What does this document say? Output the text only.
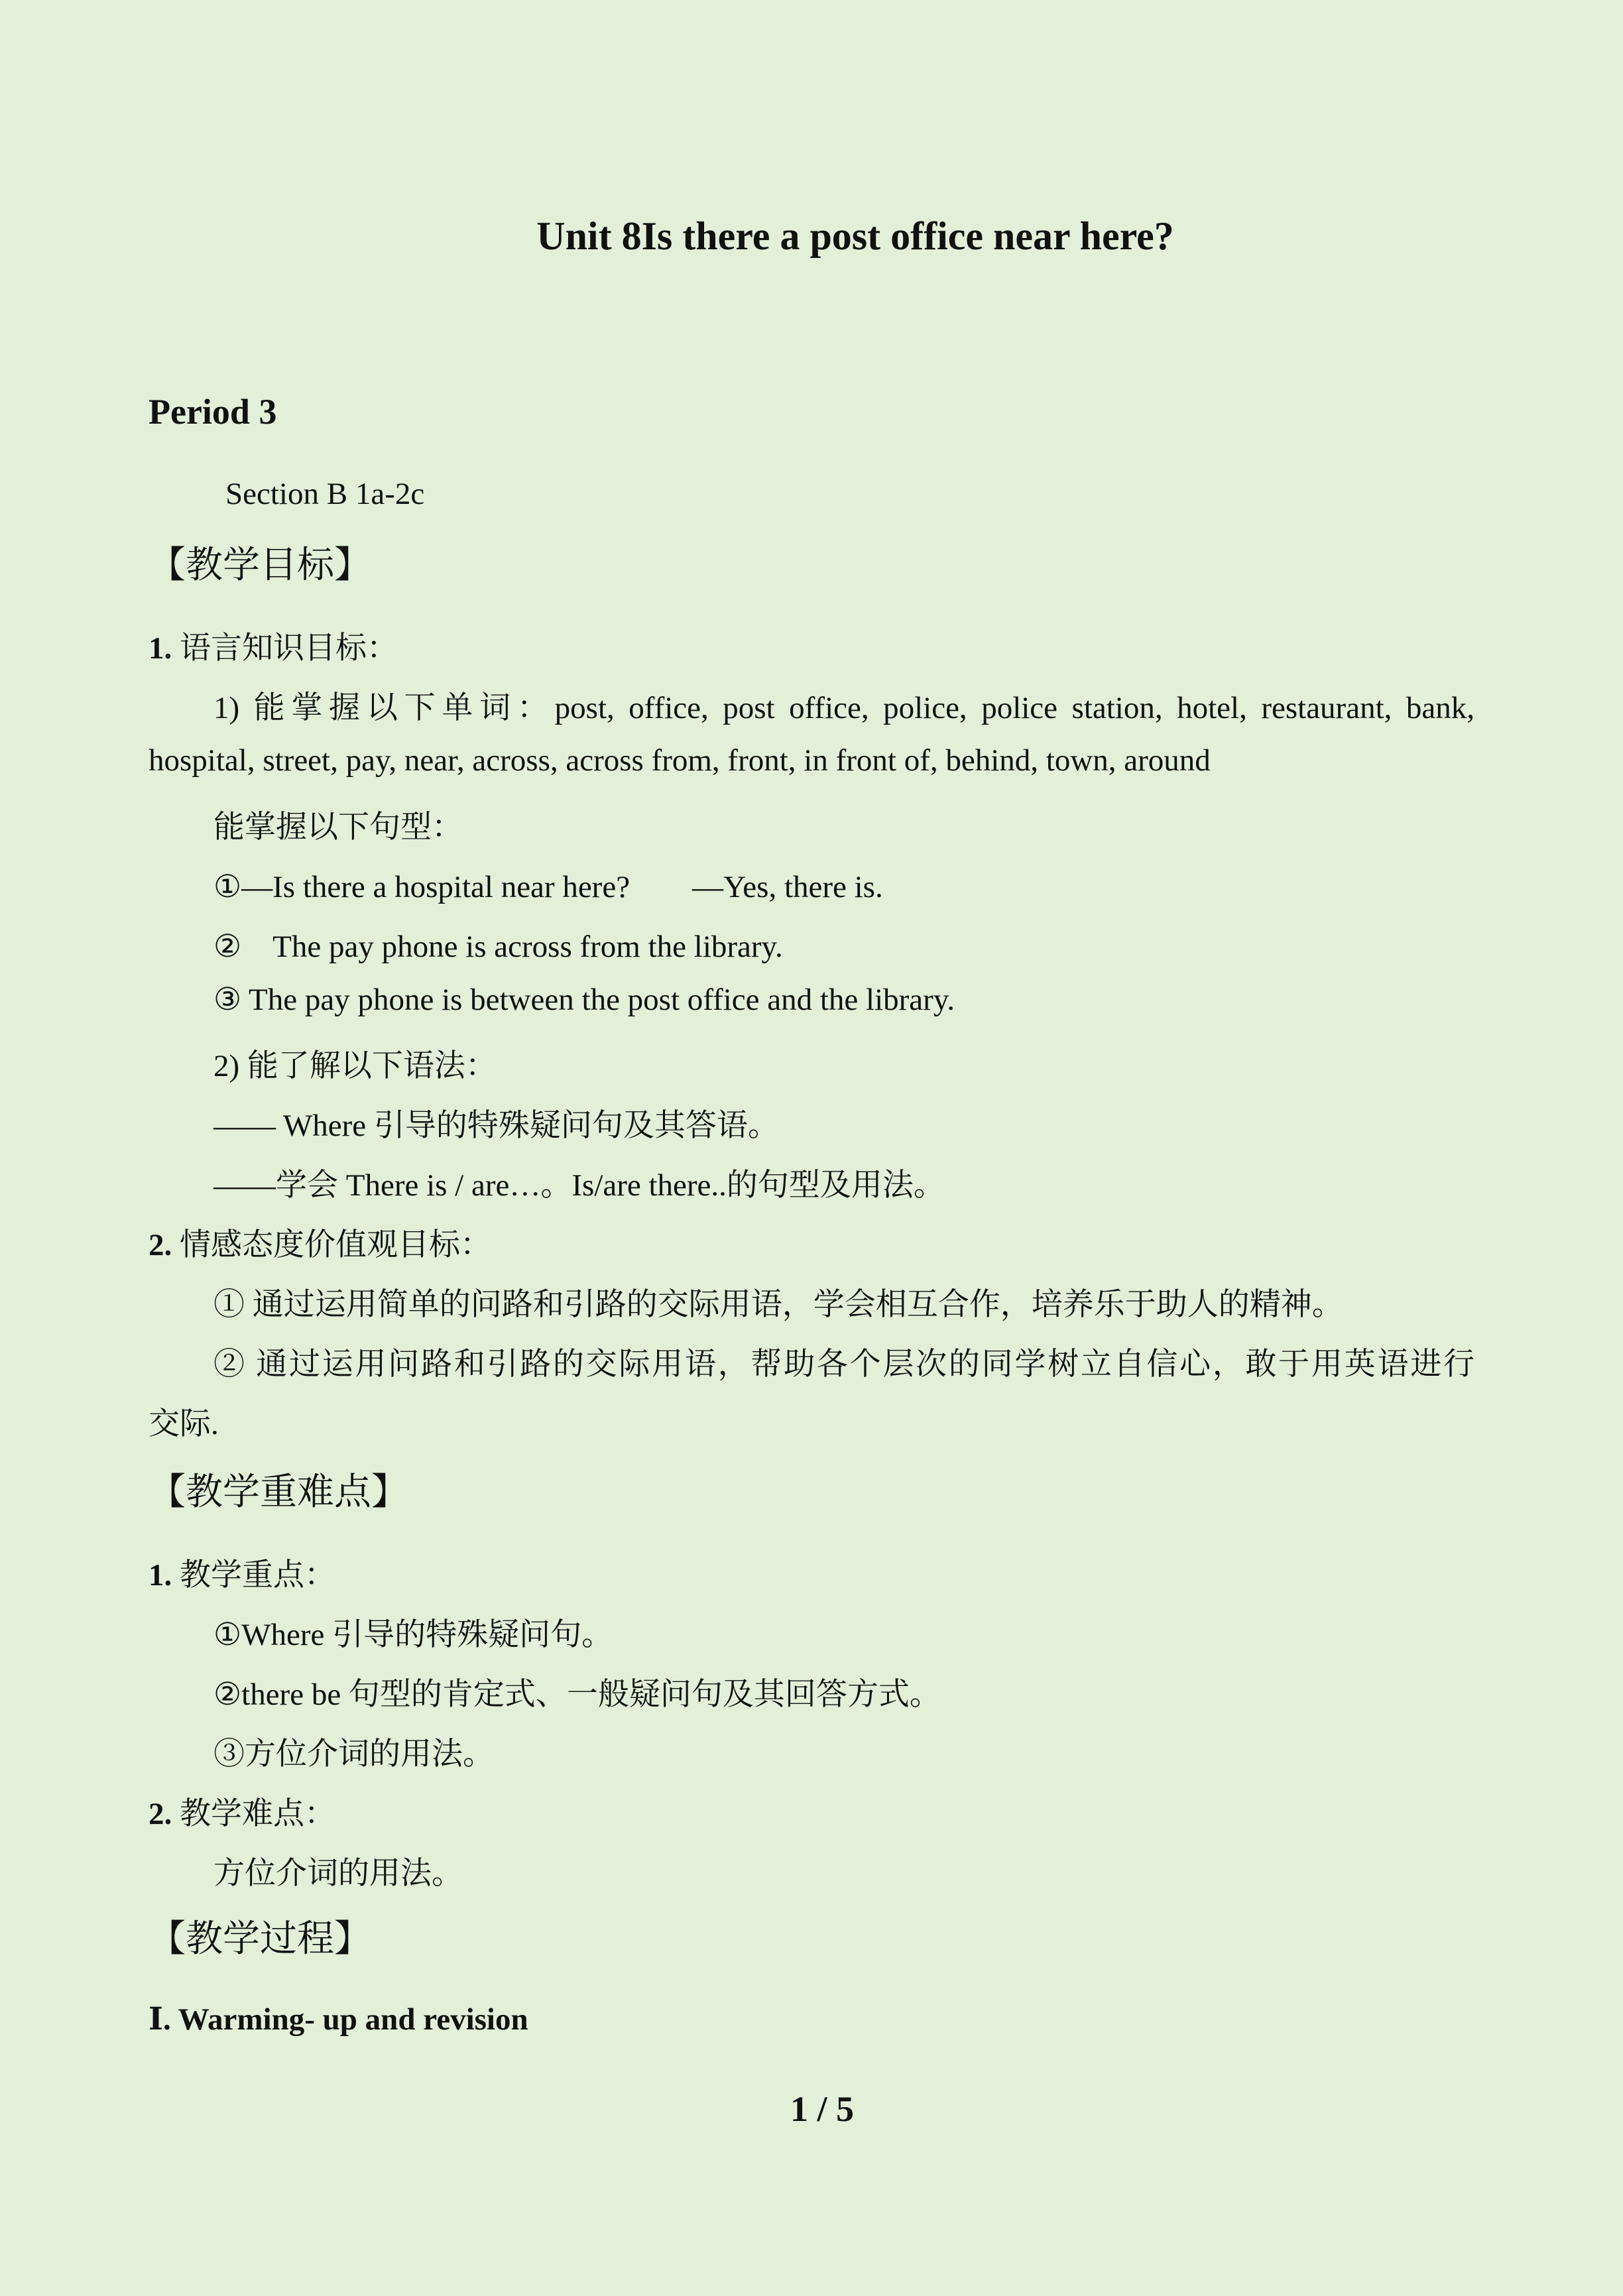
Unit 8Is there a post office near here?
Period 3
Section B 1a-2c
【教学目标】
1. 语言知识目标：
1) 能掌握以下单词：post, office, post office, police, police station, hotel, restaurant, bank,
hospital, street, pay, near, across, across from, front, in front of, behind, town, around
能掌握以下句型：
①—Is there a hospital near here?　　—Yes, there is.
②　The pay phone is across from the library.
③ The pay phone is between the post office and the library.
2) 能了解以下语法：
—— Where 引导的特殊疑问句及其答语。
——学会 There is / are…。Is/are there..的句型及用法。
2. 情感态度价值观目标：
① 通过运用简单的问路和引路的交际用语，学会相互合作，培养乐于助人的精神。
② 通过运用问路和引路的交际用语，帮助各个层次的同学树立自信心，敢于用英语进行
交际.
【教学重难点】
1. 教学重点：
①Where 引导的特殊疑问句。
②there be 句型的肯定式、一般疑问句及其回答方式。
③方位介词的用法。
2. 教学难点：
方位介词的用法。
【教学过程】
Ⅰ. Warming- up and revision
1 / 5
